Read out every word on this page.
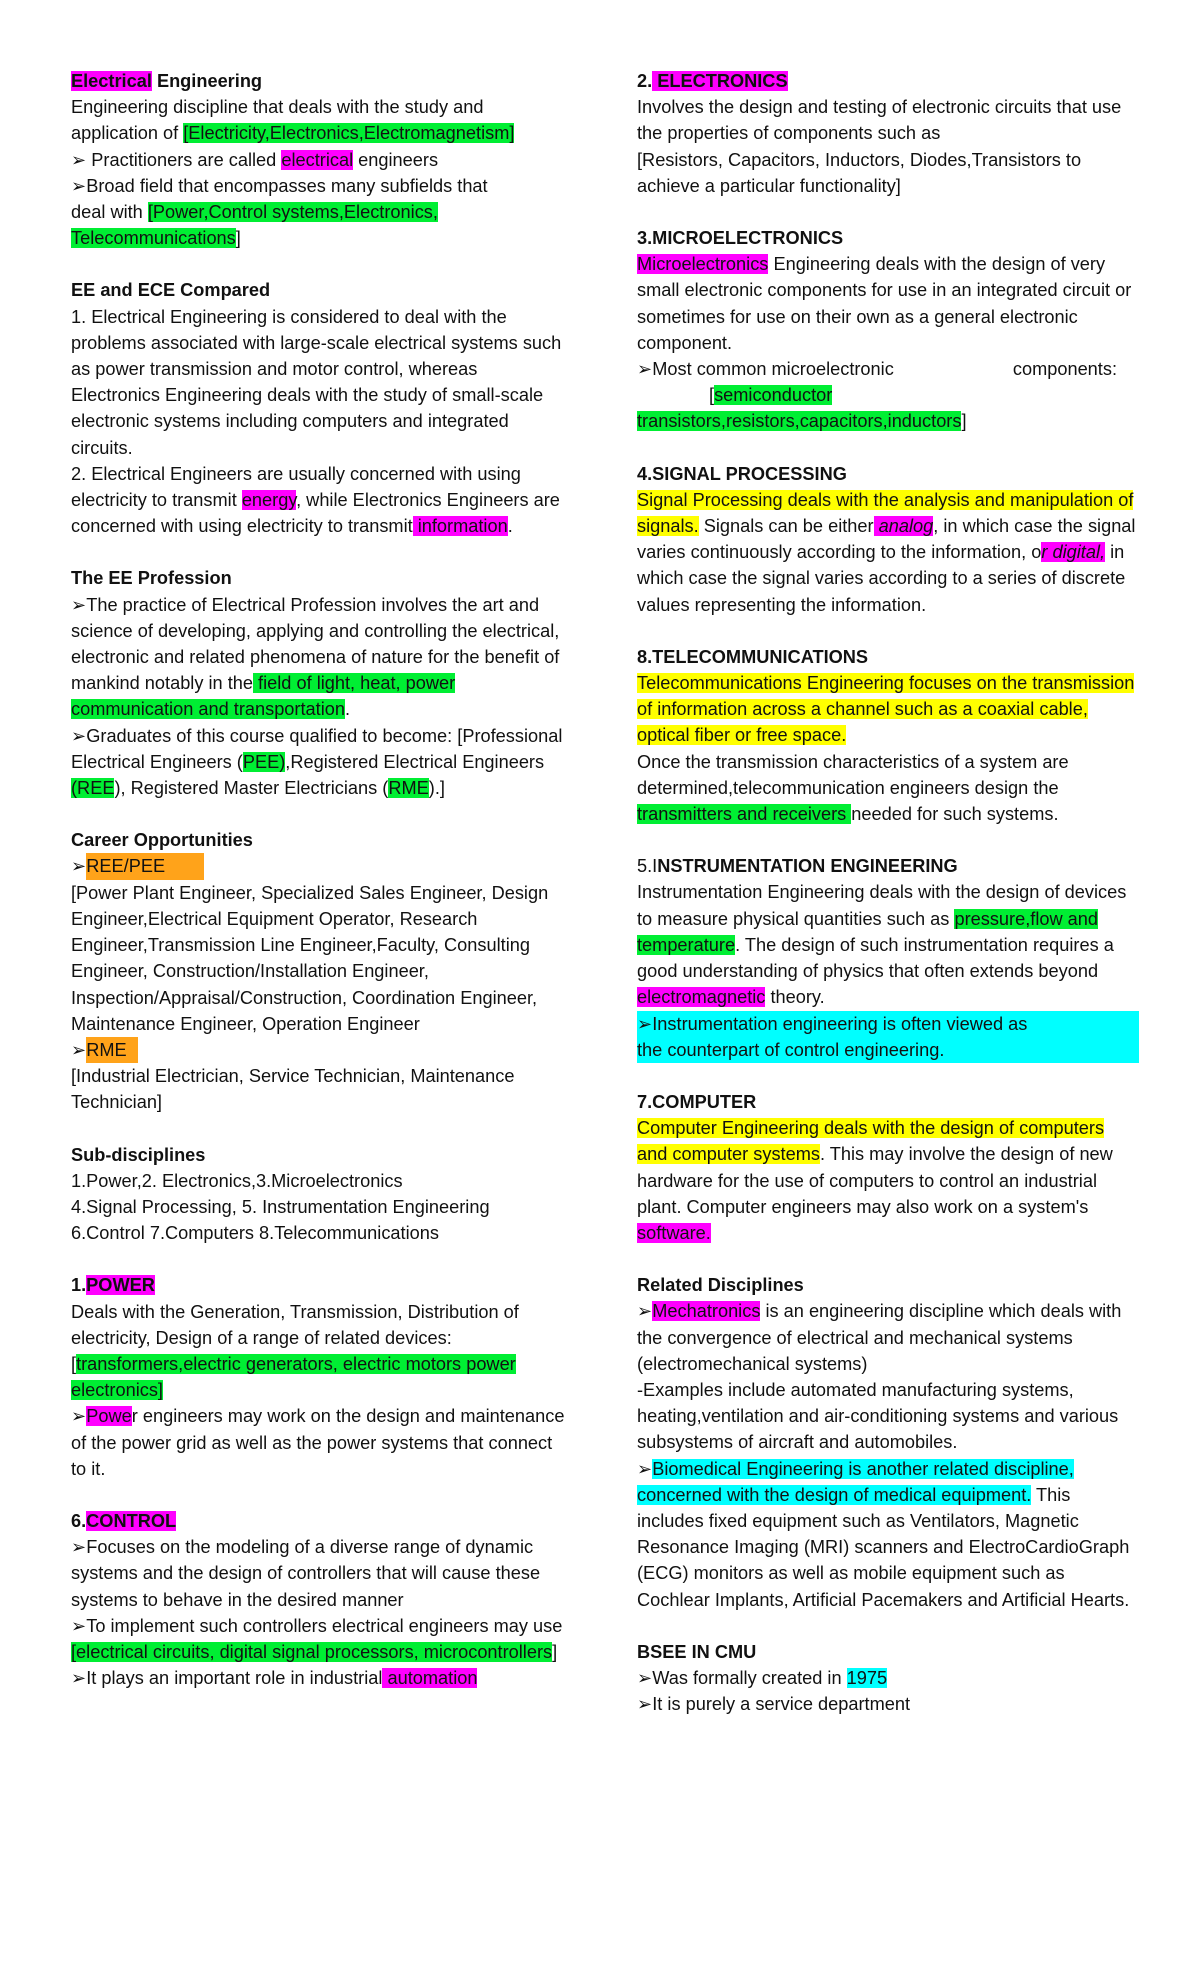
Electrical Engineering

Engineering discipline that deals with the study and

application of [Electricity,Electronics,Electromagnetism]

➢ Practitioners are called electrical engineers

➢Broad field that encompasses many subfields that

deal with [Power,Control systems,Electronics,

Telecommunications]

EE and ECE Compared

1. Electrical Engineering is considered to deal with the problems associated with large-scale electrical systems such as power transmission and motor control, whereas Electronics Engineering deals with the study of small-scale electronic systems including computers and integrated circuits.

2. Electrical Engineers are usually concerned with using electricity to transmit energy, while Electronics Engineers are concerned with using electricity to transmit information.

The EE Profession

➢The practice of Electrical Profession involves the art and science of developing, applying and controlling the electrical, electronic and related phenomena of nature for the benefit of mankind notably in the field of light, heat, power communication and transportation.

➢Graduates of this course qualified to become: [Professional Electrical Engineers (PEE),Registered Electrical Engineers (REE), Registered Master Electricians (RME).]

Career Opportunities

➢REE/PEE

[Power Plant Engineer, Specialized Sales Engineer, Design Engineer,Electrical Equipment Operator, Research Engineer,Transmission Line Engineer,Faculty, Consulting Engineer, Construction/Installation Engineer, Inspection/Appraisal/Construction, Coordination Engineer, Maintenance Engineer, Operation Engineer

➢RME

[Industrial Electrician, Service Technician, Maintenance Technician]

Sub-disciplines

1.Power,2. Electronics,3.Microelectronics

4.Signal Processing, 5. Instrumentation Engineering

6.Control 7.Computers 8.Telecommunications

1.POWER

Deals with the Generation, Transmission, Distribution of electricity, Design of a range of related devices:

[transformers,electric generators, electric motors power electronics]

➢Power engineers may work on the design and maintenance of the power grid as well as the power systems that connect to it.

6.CONTROL

➢Focuses on the modeling of a diverse range of dynamic systems and the design of controllers that will cause these systems to behave in the desired manner

➢To implement such controllers electrical engineers may use [electrical circuits, digital signal processors, microcontrollers]

➢It plays an important role in industrial automation

2. ELECTRONICS

Involves the design and testing of electronic circuits that use the properties of components such as

[Resistors, Capacitors, Inductors, Diodes,Transistors to achieve a particular functionality]

3.MICROELECTRONICS

Microelectronics Engineering deals with the design of very small electronic components for use in an integrated circuit or sometimes for use on their own as a general electronic component.

➢Most common microelectronic	components:

[semiconductor

transistors,resistors,capacitors,inductors]

4.SIGNAL PROCESSING

Signal Processing deals with the analysis and manipulation of signals. Signals can be either analog, in which case the signal varies continuously according to the information, or digital, in which case the signal varies according to a series of discrete values representing the information.

8.TELECOMMUNICATIONS

Telecommunications Engineering focuses on the transmission of information across a channel such as a coaxial cable, optical fiber or free space.

Once the transmission characteristics of a system are determined,telecommunication engineers design the transmitters and receivers needed for such systems.

5.INSTRUMENTATION ENGINEERING

Instrumentation Engineering deals with the design of devices to measure physical quantities such as pressure,flow and temperature. The design of such instrumentation requires a good understanding of physics that often extends beyond electromagnetic theory.

➢Instrumentation engineering is often viewed as

the counterpart of control engineering.

7.COMPUTER

Computer Engineering deals with the design of computers and computer systems. This may involve the design of new hardware for the use of computers to control an industrial plant. Computer engineers may also work on a system's software.

Related Disciplines

➢Mechatronics is an engineering discipline which deals with the convergence of electrical and mechanical systems (electromechanical systems)

-Examples include automated manufacturing systems, heating,ventilation and air-conditioning systems and various subsystems of aircraft and automobiles.

➢Biomedical Engineering is another related discipline, concerned with the design of medical equipment. This includes fixed equipment such as Ventilators, Magnetic Resonance Imaging (MRI) scanners and ElectroCardioGraph (ECG) monitors as well as mobile equipment such as Cochlear Implants, Artificial Pacemakers and Artificial Hearts.

BSEE IN CMU

➢Was formally created in 1975

➢It is purely a service department
